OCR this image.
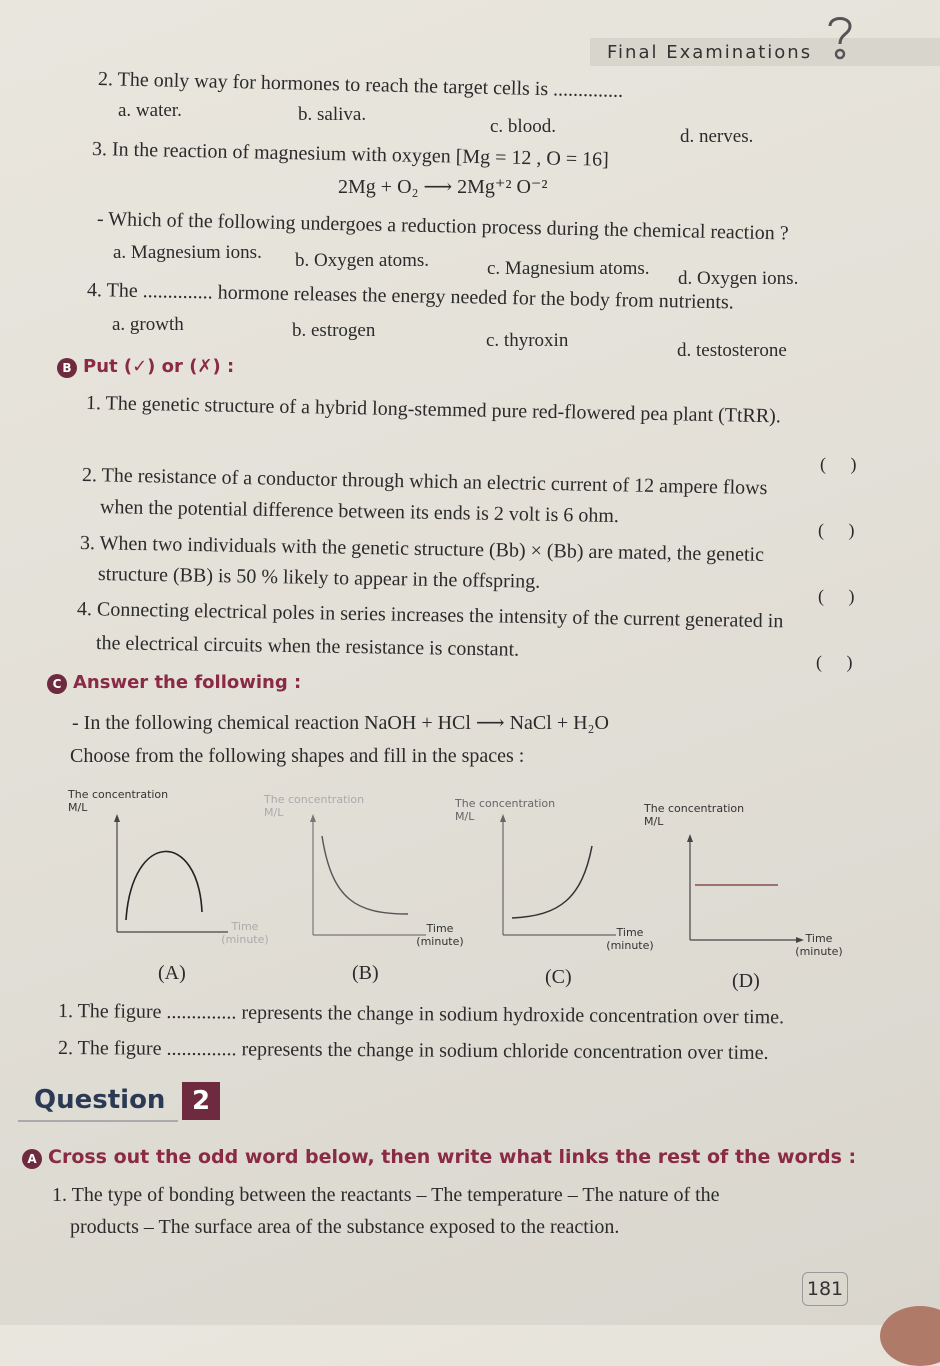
Final Examinations
2. The only way for hormones to reach the target cells is ..............
a. water.	b. saliva.
c. blood.	d. nerves.
3. In the reaction of magnesium with oxygen [Mg = 12 , O = 16]
2Mg + O₂ ⟶ 2Mg⁺² O⁻²
- Which of the following undergoes a reduction process during the chemical reaction ?
a. Magnesium ions. b. Oxygen atoms.	c. Magnesium atoms. d. Oxygen ions.
4. The .............. hormone releases the energy needed for the body from nutrients.
a. growth	b. estrogen	c. thyroxin	d. testosterone
B Put (✓) or (✗) :
1. The genetic structure of a hybrid long-stemmed pure red-flowered pea plant (TtRR).
( )
2. The resistance of a conductor through which an electric current of 12 ampere flows
when the potential difference between its ends is 2 volt is 6 ohm.
( )
3. When two individuals with the genetic structure (Bb) × (Bb) are mated, the genetic
structure (BB) is 50 % likely to appear in the offspring.
( )
4. Connecting electrical poles in series increases the intensity of the current generated in
the electrical circuits when the resistance is constant.
( )
C Answer the following :
- In the following chemical reaction NaOH + HCl ⟶ NaCl + H₂O
Choose from the following shapes and fill in the spaces :
The concentration M/L
Time (minute)
(A)
The concentration M/L
Time (minute)
(B)
The concentration M/L
Time (minute)
(C)
The concentration M/L
Time (minute)
(D)
1. The figure .............. represents the change in sodium hydroxide concentration over time.
2. The figure .............. represents the change in sodium chloride concentration over time.
Question	2
A Cross out the odd word below, then write what links the rest of the words :
1. The type of bonding between the reactants – The temperature – The nature of the
products – The surface area of the substance exposed to the reaction.
181
